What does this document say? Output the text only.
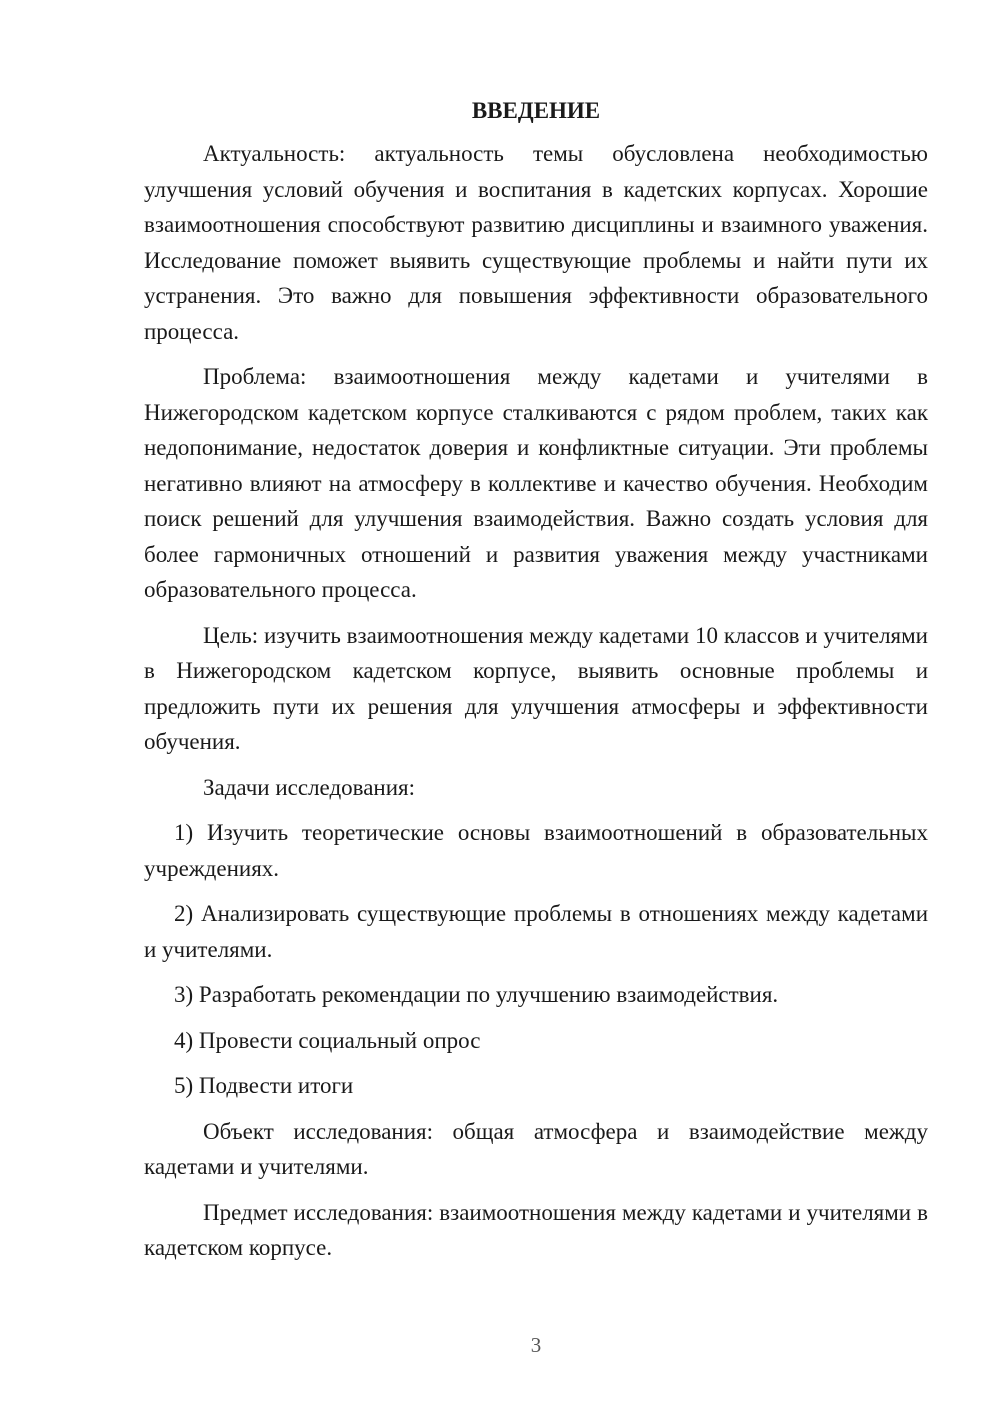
ВВЕДЕНИЕ

Актуальность: актуальность темы обусловлена необходимостью улучшения условий обучения и воспитания в кадетских корпусах. Хорошие взаимоотношения способствуют развитию дисциплины и взаимного уважения. Исследование поможет выявить существующие проблемы и найти пути их устранения. Это важно для повышения эффективности образовательного процесса.

Проблема: взаимоотношения между кадетами и учителями в Нижегородском кадетском корпусе сталкиваются с рядом проблем, таких как недопонимание, недостаток доверия и конфликтные ситуации. Эти проблемы негативно влияют на атмосферу в коллективе и качество обучения. Необходим поиск решений для улучшения взаимодействия. Важно создать условия для более гармоничных отношений и развития уважения между участниками образовательного процесса.

Цель: изучить взаимоотношения между кадетами 10 классов и учителями в Нижегородском кадетском корпусе, выявить основные проблемы и предложить пути их решения для улучшения атмосферы и эффективности обучения.

Задачи исследования:

1) Изучить теоретические основы взаимоотношений в образовательных учреждениях.

2) Анализировать существующие проблемы в отношениях между кадетами и учителями.

3) Разработать рекомендации по улучшению взаимодействия.

4) Провести социальный опрос

5) Подвести итоги

Объект исследования: общая атмосфера и взаимодействие между кадетами и учителями.

Предмет исследования: взаимоотношения между кадетами и учителями в кадетском корпусе.

3
